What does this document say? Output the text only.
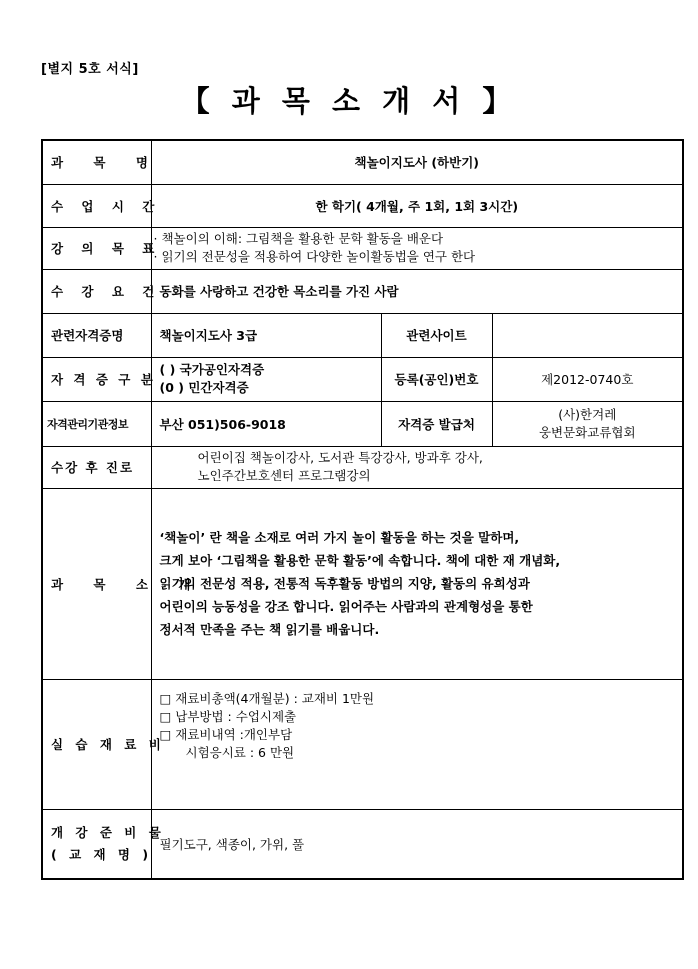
[별지 5호 서식]
【 과 목 소 개 서 】
과 목 명	책놀이지도사 (하반기)		
수 업 시 간	한 학기( 4개월, 주 1회, 1회 3시간)		
강 의 목 표	· 책놀이의 이해: 그림책을 활용한 문학 활동을 배운다
· 읽기의 전문성을 적용하여 다양한 놀이활동법을 연구 한다		

수 강 요 건	동화를 사랑하고 건강한 목소리를 가진 사람		
관련자격증명	책놀이지도사 3급	관련사이트	
자 격 증 구 분	( ) 국가공인자격증
(0 ) 민간자격증	등록(공인)번호	제2012-0740호
자격관리기관정보	부산 051)506-9018	자격증 발급처	(사)한겨레
웅변문화교류협회

수강 후 진로	어린이집 책놀이강사, 도서관 특강강사, 방과후 강사,
노인주간보호센터 프로그램강의		

과 목 소 개	‘책놀이’ 란 책을 소재로 여러 가지 놀이 활동을 하는 것을 말하며,

크게 보아 ‘그림책을 활용한 문학 활동’에 속합니다. 책에 대한 재 개념화,

읽기의 전문성 적용, 전통적 독후활동 방법의 지양, 활동의 유희성과

어린이의 능동성을 강조 합니다. 읽어주는 사람과의 관계형성을 통한

정서적 만족을 주는 책 읽기를 배웁니다.		

실 습 재 료 비	□ 재료비총액(4개월분) : 교재비 1만원
□ 납부방법 : 수업시제출
□ 재료비내역 :개인부담
시험응시료 : 6 만원		

개 강 준 비 물
( 교 재 명 )	필기도구, 색종이, 가위, 풀		
